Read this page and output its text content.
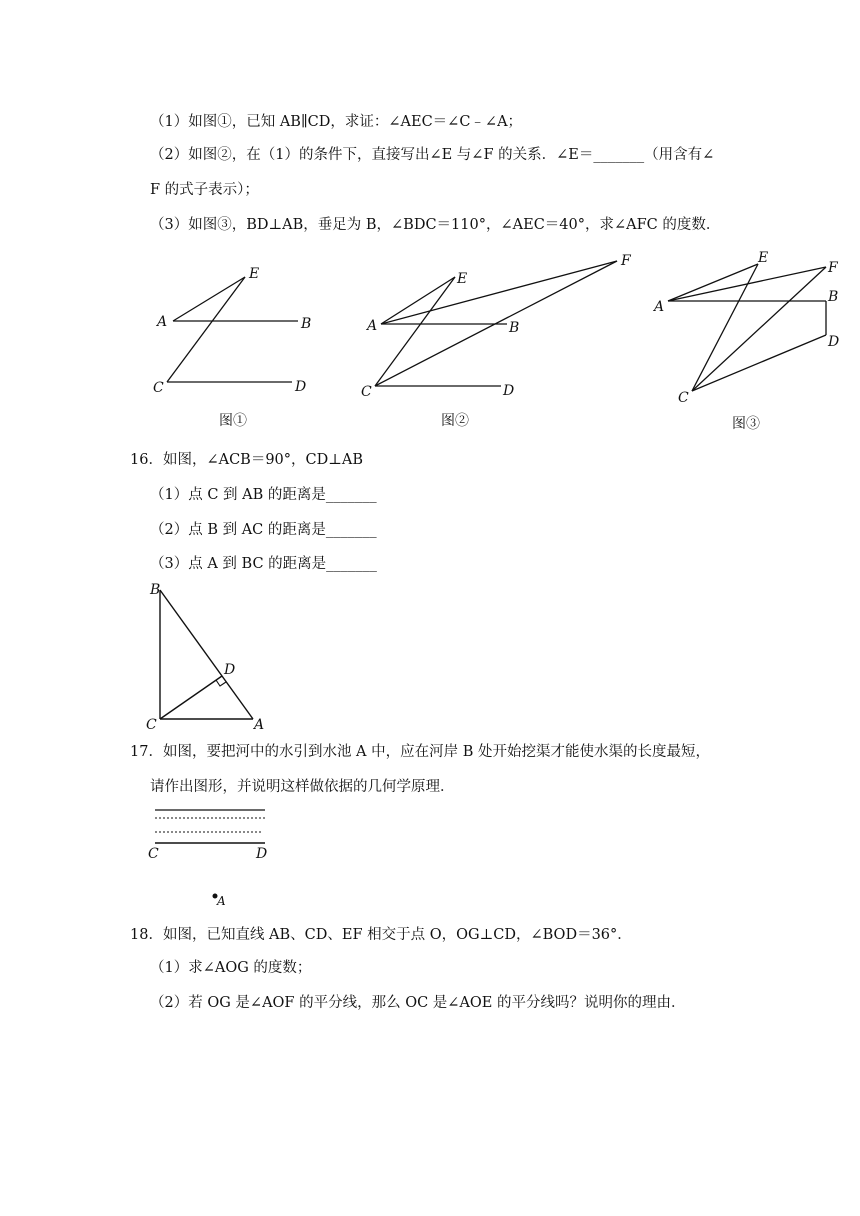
（1）如图①，已知 AB∥CD，求证：∠AEC＝∠C﹣∠A；
（2）如图②，在（1）的条件下，直接写出∠E 与∠F 的关系．∠E＝_______（用含有∠
F 的式子表示）；
（3）如图③，BD⊥AB，垂足为 B，∠BDC＝110°，∠AEC＝40°，求∠AFC 的度数．
A	B
C	D
E
图①
A	B
C	D
E
F
图②
A
B
C
D
E
F
图③
16．如图，∠ACB＝90°，CD⊥AB
（1）点 C 到 AB 的距离是_______
（2）点 B 到 AC 的距离是_______
（3）点 A 到 BC 的距离是_______
B
D
C	A
17．如图，要把河中的水引到水池 A 中，应在河岸 B 处开始挖渠才能使水渠的长度最短，
请作出图形，并说明这样做依据的几何学原理．
C	D
A
18．如图，已知直线 AB、CD、EF 相交于点 O，OG⊥CD，∠BOD＝36°．
（1）求∠AOG 的度数；
（2）若 OG 是∠AOF 的平分线，那么 OC 是∠AOE 的平分线吗？说明你的理由．
